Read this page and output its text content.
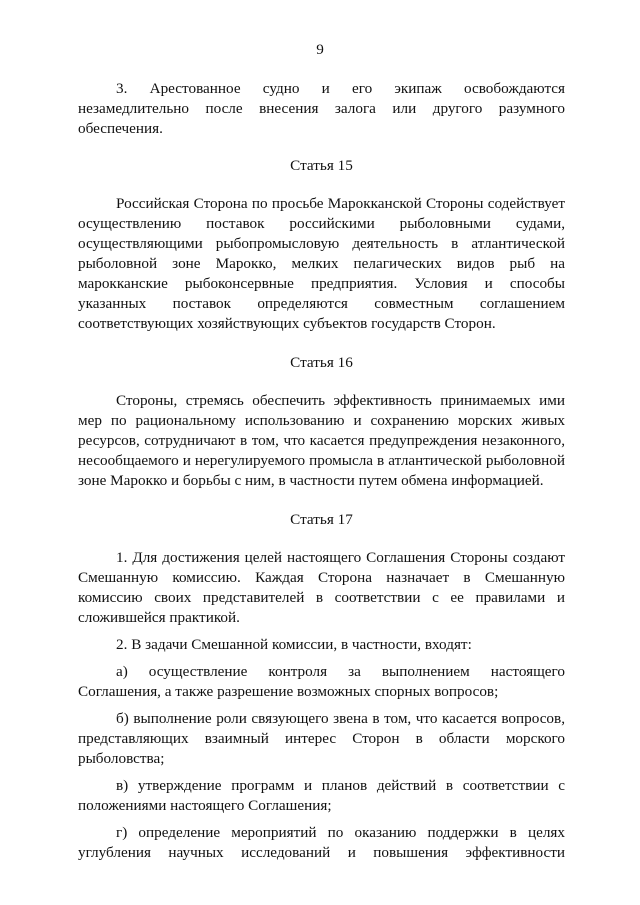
9

3. Арестованное судно и его экипаж освобождаются незамедлительно после внесения залога или другого разумного обеспечения.

Статья 15

Российская Сторона по просьбе Марокканской Стороны содействует осуществлению поставок российскими рыболовными судами, осуществляющими рыбопромысловую деятельность в атлантической рыболовной зоне Марокко, мелких пелагических видов рыб на марокканские рыбоконсервные предприятия. Условия и способы указанных поставок определяются совместным соглашением соответствующих хозяйствующих субъектов государств Сторон.

Статья 16

Стороны, стремясь обеспечить эффективность принимаемых ими мер по рациональному использованию и сохранению морских живых ресурсов, сотрудничают в том, что касается предупреждения незаконного, несообщаемого и нерегулируемого промысла в атлантической рыболовной зоне Марокко и борьбы с ним, в частности путем обмена информацией.

Статья 17

1. Для достижения целей настоящего Соглашения Стороны создают Смешанную комиссию. Каждая Сторона назначает в Смешанную комиссию своих представителей в соответствии с ее правилами и сложившейся практикой.

2. В задачи Смешанной комиссии, в частности, входят:

а) осуществление контроля за выполнением настоящего Соглашения, а также разрешение возможных спорных вопросов;

б) выполнение роли связующего звена в том, что касается вопросов, представляющих взаимный интерес Сторон в области морского рыболовства;

в) утверждение программ и планов действий в соответствии с положениями настоящего Соглашения;

г) определение мероприятий по оказанию поддержки в целях углубления научных исследований и повышения эффективности
